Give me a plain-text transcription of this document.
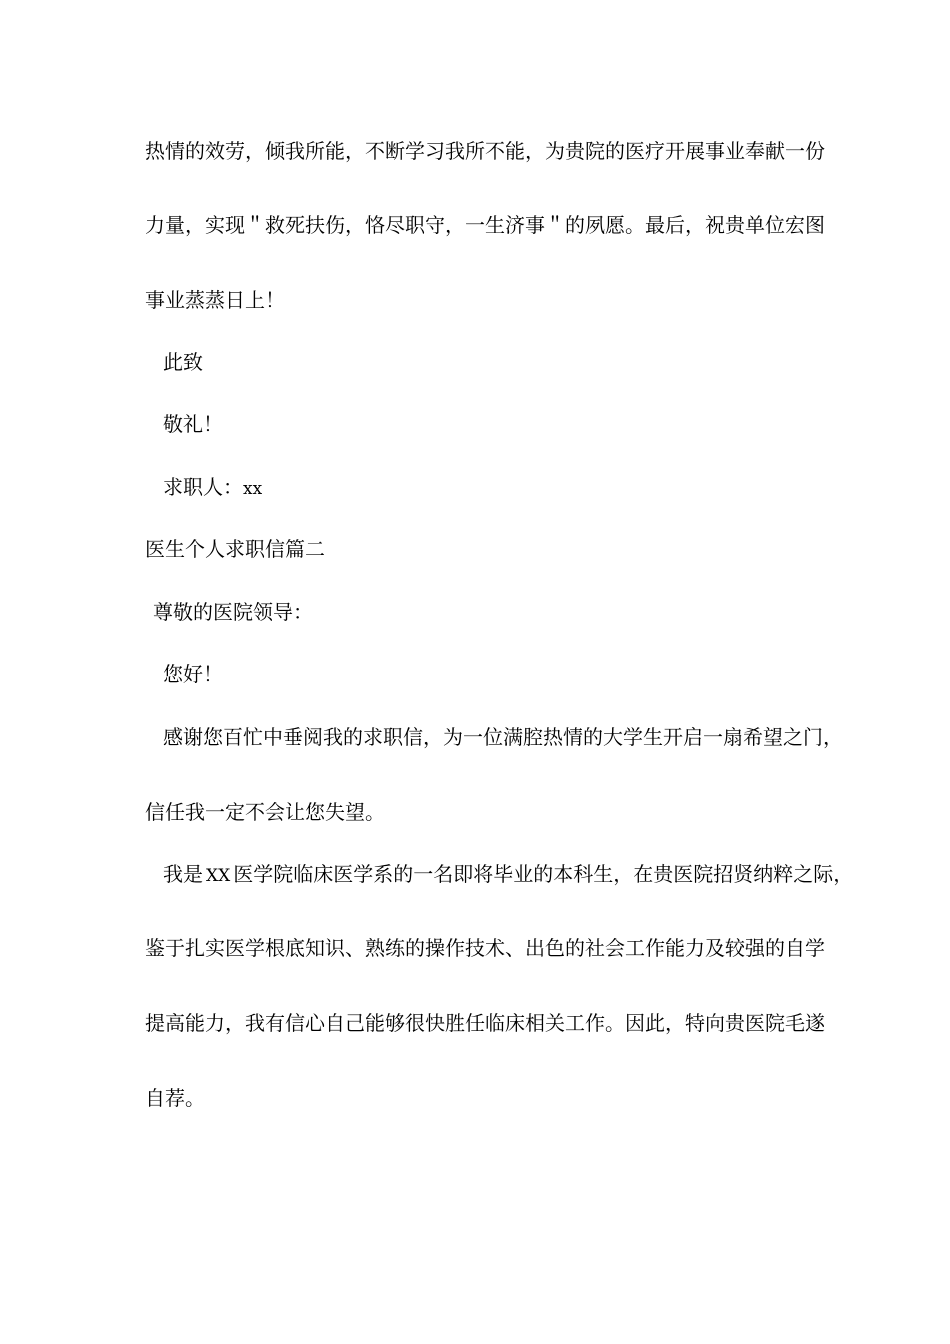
热情的效劳，倾我所能，不断学习我所不能，为贵院的医疗开展事业奉献一份
力量，实现＂救死扶伤，恪尽职守，一生济事＂的夙愿。最后，祝贵单位宏图
事业蒸蒸日上！
此致
敬礼！
求职人：xx
医生个人求职信篇二
尊敬的医院领导：
您好！
感谢您百忙中垂阅我的求职信，为一位满腔热情的大学生开启一扇希望之门，
信任我一定不会让您失望。
我是 XX 医学院临床医学系的一名即将毕业的本科生，在贵医院招贤纳粹之际，
鉴于扎实医学根底知识、熟练的操作技术、出色的社会工作能力及较强的自学
提高能力，我有信心自己能够很快胜任临床相关工作。因此，特向贵医院毛遂
自荐。
